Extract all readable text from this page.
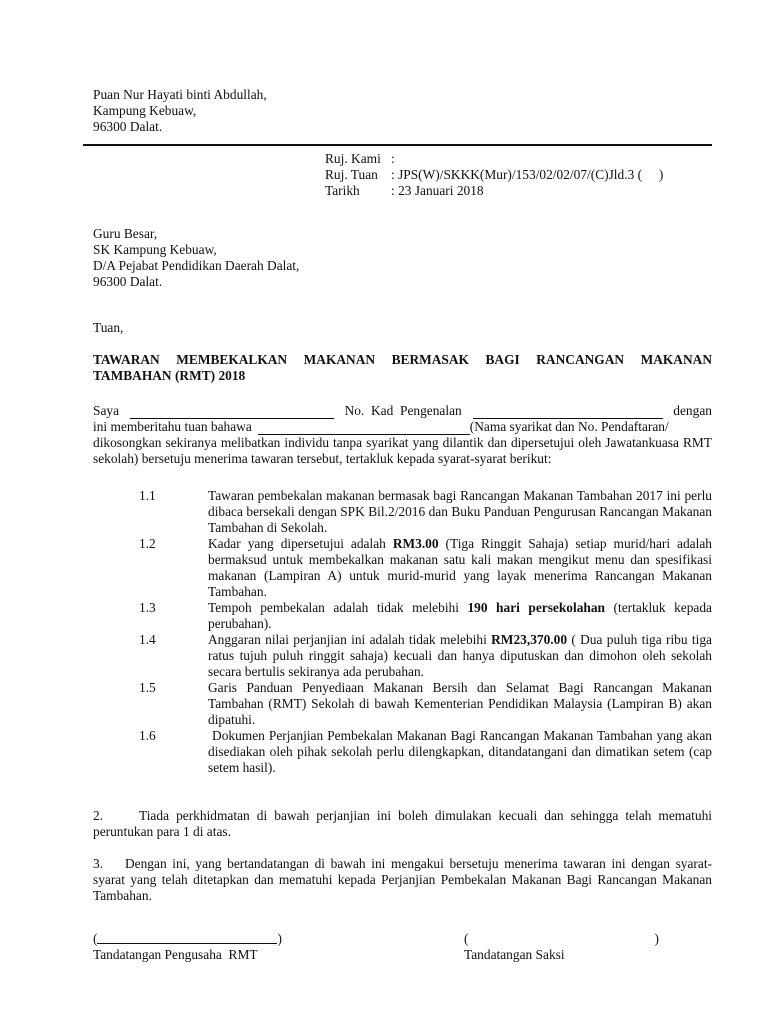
Puan Nur Hayati binti Abdullah,
Kampung Kebuaw,
96300 Dalat.
Ruj. Kami :
Ruj. Tuan : JPS(W)/SKKK(Mur)/153/02/02/07/(C)Jld.3 (     )
Tarikh	: 23 Januari 2018
Guru Besar,
SK Kampung Kebuaw,
D/A Pejabat Pendidikan Daerah Dalat,
96300 Dalat.
Tuan,
TAWARAN MEMBEKALKAN MAKANAN BERMASAK BAGI RANCANGAN MAKANAN
TAMBAHAN (RMT) 2018
Saya	No.  Kad  Pengenalan	dengan
ini memberitahu tuan bahawa	(Nama syarikat dan No. Pendaftaran/
dikosongkan sekiranya melibatkan individu tanpa syarikat yang dilantik dan dipersetujui oleh Jawatankuasa RMT sekolah) bersetuju menerima tawaran tersebut, tertakluk kepada syarat-syarat berikut:
1.1	Tawaran pembekalan makanan bermasak bagi Rancangan Makanan Tambahan 2017 ini perlu dibaca bersekali dengan SPK Bil.2/2016 dan Buku Panduan Pengurusan Rancangan Makanan Tambahan di Sekolah.
1.2	Kadar yang dipersetujui adalah RM3.00 (Tiga Ringgit Sahaja) setiap murid/hari adalah bermaksud untuk membekalkan makanan satu kali makan mengikut menu dan spesifikasi makanan (Lampiran A) untuk murid-murid yang layak menerima Rancangan Makanan Tambahan.
1.3	Tempoh pembekalan adalah tidak melebihi 190 hari persekolahan (tertakluk kepada perubahan).
1.4	Anggaran nilai perjanjian ini adalah tidak melebihi RM23,370.00 ( Dua puluh tiga ribu tiga ratus tujuh puluh ringgit sahaja) kecuali dan hanya diputuskan dan dimohon oleh sekolah secara bertulis sekiranya ada perubahan.
1.5	Garis Panduan Penyediaan Makanan Bersih dan Selamat Bagi Rancangan Makanan Tambahan (RMT) Sekolah di bawah Kementerian Pendidikan Malaysia (Lampiran B) akan dipatuhi.
1.6	Dokumen Perjanjian Pembekalan Makanan Bagi Rancangan Makanan Tambahan yang akan disediakan oleh pihak sekolah perlu dilengkapkan, ditandatangani dan dimatikan setem (cap setem hasil).
2.	Tiada perkhidmatan di bawah perjanjian ini boleh dimulakan kecuali dan sehingga telah mematuhi peruntukan para 1 di atas.
3. Dengan ini, yang bertandatangan di bawah ini mengakui bersetuju menerima tawaran ini dengan syarat-syarat yang telah ditetapkan dan mematuhi kepada Perjanjian Pembekalan Makanan Bagi Rancangan Makanan Tambahan.
(	)
Tandatangan Pengusaha  RMT
(	)
Tandatangan Saksi
